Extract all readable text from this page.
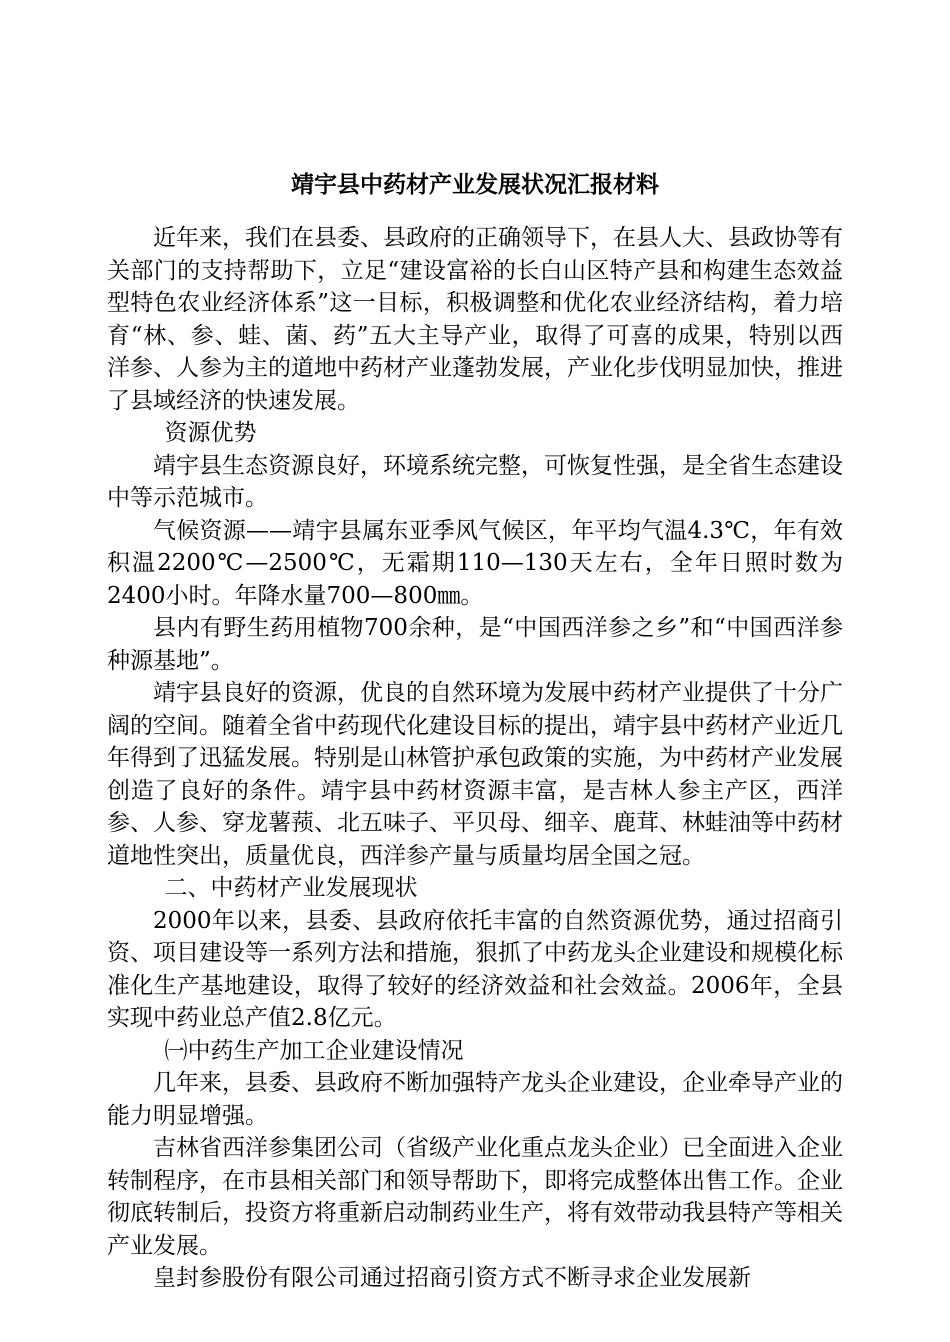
靖宇县中药材产业发展状况汇报材料

近年来，我们在县委、县政府的正确领导下，在县人大、县政协等有关部门的支持帮助下，立足“建设富裕的长白山区特产县和构建生态效益型特色农业经济体系”这一目标，积极调整和优化农业经济结构，着力培育“林、参、蛙、菌、药”五大主导产业，取得了可喜的成果，特别以西洋参、人参为主的道地中药材产业蓬勃发展，产业化步伐明显加快，推进了县域经济的快速发展。

资源优势

靖宇县生态资源良好，环境系统完整，可恢复性强，是全省生态建设中等示范城市。

气候资源——靖宇县属东亚季风气候区，年平均气温4.3℃，年有效积温2200℃—2500℃，无霜期110—130天左右，全年日照时数为2400小时。年降水量700—800㎜。

县内有野生药用植物700余种，是“中国西洋参之乡”和“中国西洋参种源基地”。

靖宇县良好的资源，优良的自然环境为发展中药材产业提供了十分广阔的空间。随着全省中药现代化建设目标的提出，靖宇县中药材产业近几年得到了迅猛发展。特别是山林管护承包政策的实施，为中药材产业发展创造了良好的条件。靖宇县中药材资源丰富，是吉林人参主产区，西洋参、人参、穿龙薯蓣、北五味子、平贝母、细辛、鹿茸、林蛙油等中药材道地性突出，质量优良，西洋参产量与质量均居全国之冠。

二、中药材产业发展现状

2000年以来，县委、县政府依托丰富的自然资源优势，通过招商引资、项目建设等一系列方法和措施，狠抓了中药龙头企业建设和规模化标准化生产基地建设，取得了较好的经济效益和社会效益。2006年，全县实现中药业总产值2.8亿元。

㈠中药生产加工企业建设情况

几年来，县委、县政府不断加强特产龙头企业建设，企业牵导产业的能力明显增强。

吉林省西洋参集团公司（省级产业化重点龙头企业）已全面进入企业转制程序，在市县相关部门和领导帮助下，即将完成整体出售工作。企业彻底转制后，投资方将重新启动制药业生产，将有效带动我县特产等相关产业发展。

皇封参股份有限公司通过招商引资方式不断寻求企业发展新
